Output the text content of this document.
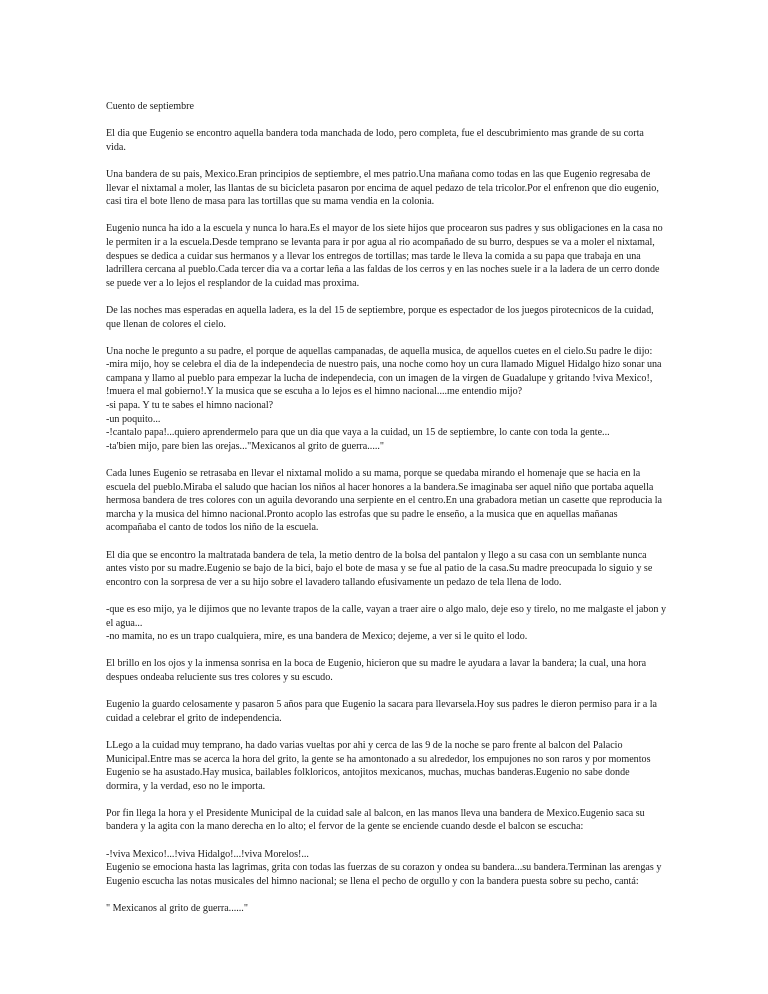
Cuento de septiembre

El dia que Eugenio se encontro aquella bandera toda manchada de lodo, pero completa, fue el descubrimiento mas grande de su corta vida.

Una bandera de su pais, Mexico.Eran principios de septiembre, el mes patrio.Una mañana como todas en las que Eugenio regresaba de llevar el nixtamal a moler, las llantas de su bicicleta pasaron por encima de aquel pedazo de tela tricolor.Por el enfrenon que dio eugenio, casi tira el bote lleno de masa para las tortillas que su mama vendia en la colonia.

Eugenio nunca ha ido a la escuela y nunca lo hara.Es el mayor de los siete hijos que procearon sus padres y sus obligaciones en la casa no le permiten ir a la escuela.Desde temprano se levanta para ir por agua al rio acompañado de su burro, despues se va a moler el nixtamal, despues se dedica a cuidar sus hermanos y a llevar los entregos de tortillas; mas tarde le lleva la comida a su papa que trabaja en una ladrillera cercana al pueblo.Cada tercer dia va a cortar leña a las faldas de los cerros y en las noches suele ir a la ladera de un cerro donde se puede ver a lo lejos el resplandor de la cuidad mas proxima.

De las noches mas esperadas en aquella ladera, es la del 15 de septiembre, porque es espectador de los juegos pirotecnicos de la cuidad, que llenan de colores el cielo.

Una noche le pregunto a su padre, el porque de aquellas campanadas, de aquella musica, de aquellos cuetes en el cielo.Su padre le dijo:
-mira mijo, hoy se celebra el dia de la independecia de nuestro pais, una noche como hoy un cura llamado Miguel Hidalgo hizo sonar una campana y llamo al pueblo para empezar la lucha de independecia, con un imagen de la virgen de Guadalupe y gritando !viva Mexico!, !muera el mal gobierno!.Y la musica que se escuha a lo lejos es el himno nacional....me entendio mijo?
-si papa. Y tu te sabes el himno nacional?
-un poquito...
-!cantalo papa!...quiero aprendermelo para que un dia que vaya a la cuidad, un 15 de septiembre, lo cante con toda la gente...
-ta'bien mijo, pare bien las orejas..."Mexicanos al grito de guerra....."

Cada lunes Eugenio se retrasaba en llevar el nixtamal molido a su mama, porque se quedaba mirando el homenaje que se hacia en la escuela del pueblo.Miraba el saludo que hacian los niños al hacer honores a la bandera.Se imaginaba ser aquel niño que portaba aquella hermosa bandera de tres colores con un aguila devorando una serpiente en el centro.En una grabadora metian un casette que reproducia la marcha y la musica del himno nacional.Pronto acoplo las estrofas que su padre le enseño, a la musica que en aquellas mañanas acompañaba el canto de todos los niño de la escuela.

El dia que se encontro la maltratada bandera de tela, la metio dentro de la bolsa del pantalon y llego a su casa con un semblante nunca antes visto por su madre.Eugenio se bajo de la bici, bajo el bote de masa y se fue al patio de la casa.Su madre preocupada lo siguio y se encontro con la sorpresa de ver a su hijo sobre el lavadero tallando efusivamente un pedazo de tela llena de lodo.

-que es eso mijo, ya le dijimos que no levante trapos de la calle, vayan a traer aire o algo malo, deje eso y tirelo, no me malgaste el jabon y el agua...
-no mamita, no es un trapo cualquiera, mire, es una bandera de Mexico; dejeme, a ver si le quito el lodo.

El brillo en los ojos y la inmensa sonrisa en la boca de Eugenio, hicieron que su madre le ayudara a lavar la bandera; la cual, una hora despues ondeaba reluciente sus tres colores y su escudo.

Eugenio la guardo celosamente y pasaron 5 años para que Eugenio la sacara para llevarsela.Hoy sus padres le dieron permiso para ir a la cuidad a celebrar el grito de independencia.

LLego a la cuidad muy temprano, ha dado varias vueltas por ahi y cerca de las 9 de la noche se paro frente al balcon del Palacio Municipal.Entre mas se acerca la hora del grito, la gente se ha amontonado a su alrededor, los empujones no son raros y por momentos Eugenio se ha asustado.Hay musica, bailables folkloricos, antojitos mexicanos, muchas, muchas banderas.Eugenio no sabe donde dormira, y la verdad, eso no le importa.

Por fin llega la hora y el Presidente Municipal de la cuidad sale al balcon, en las manos lleva una bandera de Mexico.Eugenio saca su bandera y la agita con la mano derecha en lo alto; el fervor de la gente se enciende cuando desde el balcon se escucha:

-!viva Mexico!...!viva Hidalgo!...!viva Morelos!...
Eugenio se emociona hasta las lagrimas, grita con todas las fuerzas de su corazon y ondea su bandera...su bandera.Terminan las arengas y Eugenio escucha las notas musicales del himno nacional; se llena el pecho de orgullo y con la bandera puesta sobre su pecho, cantá:

" Mexicanos al grito de guerra......"
